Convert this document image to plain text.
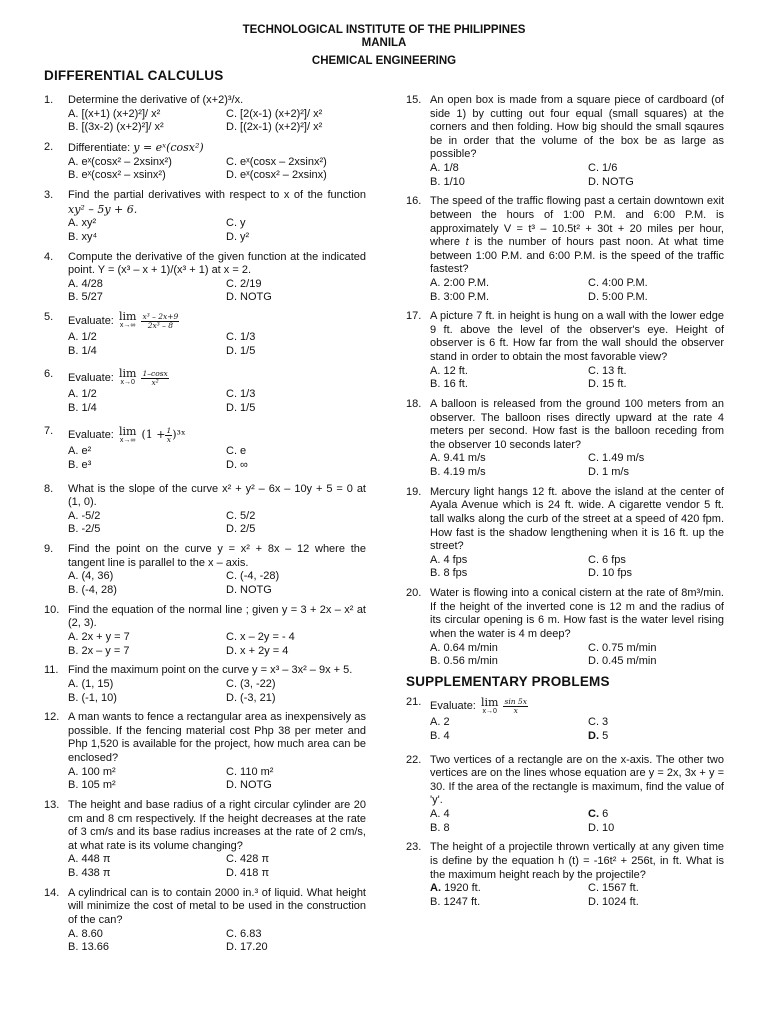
TECHNOLOGICAL INSTITUTE OF THE PHILIPPINES
MANILA
CHEMICAL ENGINEERING
DIFFERENTIAL CALCULUS
1. Determine the derivative of (x+2)³/x.
A. [(x+1) (x+2)²]/ x²	C. [2(x-1) (x+2)²]/ x²
B. [(3x-2) (x+2)²]/ x²	D. [(2x-1) (x+2)²]/ x²
2. Differentiate: y = eˣ(cosx²)
A. eˣ(cosx² – 2xsinx²)	C. eˣ(cosx – 2xsinx²)
B. eˣ(cosx² – xsinx²)	D. eˣ(cosx² – 2xsinx)
3. Find the partial derivatives with respect to x of the function xy² – 5y + 6.
A. xy²	C. y
B. xy⁴	D. y²
4. Compute the derivative of the given function at the indicated point. Y = (x³ – x + 1)/(x³ + 1) at x = 2.
A. 4/28	C. 2/19
B. 5/27	D. NOTG
5. Evaluate: lim
x→∞
$\frac{\text{x³ – 2x+9}}{\text{2x³ – 8}}$
A. 1/2	C. 1/3
B. 1/4	D. 1/5
6. Evaluate: lim
x→0
$\frac{1-\cos x}{\text{x²}}$
A. 1/2	C. 1/3
B. 1/4	D. 1/5
7. Evaluate: lim
x→∞ ($1 + \frac{1}{x}$ )³ˣ
A. e²	C. e
B. e³	D. ∞
8. What is the slope of the curve x² + y² – 6x – 10y + 5 = 0 at (1, 0).
A. -5/2	C. 5/2
B. -2/5	D. 2/5
9. Find the point on the curve y = x² + 8x – 12 where the tangent line is parallel to the x – axis.
A. (4, 36)	C. (-4, -28)
B. (-4, 28)	D. NOTG
10. Find the equation of the normal line ; given y = 3 + 2x – x² at (2, 3).
A. 2x + y = 7	C. x – 2y = - 4
B. 2x – y = 7	D. x + 2y = 4
11. Find the maximum point on the curve y = x³ – 3x² – 9x + 5.
A. (1, 15)	C. (3, -22)
B. (-1, 10)	D. (-3, 21)
12. A man wants to fence a rectangular area as inexpensively as possible. If the fencing material cost Php 38 per meter and Php 1,520 is available for the project, how much area can be enclosed?
A. 100 m²	C. 110 m²
B. 105 m²	D. NOTG
13. The height and base radius of a right circular cylinder are 20 cm and 8 cm respectively. If the height decreases at the rate of 3 cm/s and its base radius increases at the rate of 2 cm/s, at what rate is its volume changing?
A. 448 π	C. 428 π
B. 438 π	D. 418 π
14. A cylindrical can is to contain 2000 in.³ of liquid. What height will minimize the cost of metal to be used in the construction of the can?
A. 8.60	C. 6.83
B. 13.66	D. 17.20
15. An open box is made from a square piece of cardboard (of side 1) by cutting out four equal (small squares) at the corners and then folding. How big should the small sqaures be in order that the volume of the box be as large as possible?
A. 1/8	C. 1/6
B. 1/10	D. NOTG
16. The speed of the traffic flowing past a certain downtown exit between the hours of 1:00 P.M. and 6:00 P.M. is approximately V = t³ – 10.5t² + 30t + 20 miles per hour, where t is the number of hours past noon. At what time between 1:00 P.M. and 6:00 P.M. is the speed of the traffic fastest?
A. 2:00 P.M.	C. 4:00 P.M.
B. 3:00 P.M.	D. 5:00 P.M.
17. A picture 7 ft. in height is hung on a wall with the lower edge 9 ft. above the level of the observer's eye. Height of observer is 6 ft. How far from the wall should the observer stand in order to obtain the most favorable view?
A. 12 ft.	C. 13 ft.
B. 16 ft.	D. 15 ft.
18. A balloon is released from the ground 100 meters from an observer. The balloon rises directly upward at the rate 4 meters per second. How fast is the balloon receding from the observer 10 seconds later?
A. 9.41 m/s	C. 1.49 m/s
B. 4.19 m/s	D. 1 m/s
19. Mercury light hangs 12 ft. above the island at the center of Ayala Avenue which is 24 ft. wide. A cigarette vendor 5 ft. tall walks along the curb of the street at a speed of 420 fpm. How fast is the shadow lengthening when it is 16 ft. up the street?
A. 4 fps	C. 6 fps
B. 8 fps	D. 10 fps
20. Water is flowing into a conical cistern at the rate of 8m³/min. If the height of the inverted cone is 12 m and the radius of its circular opening is 6 m. How fast is the water level rising when the water is 4 m deep?
A. 0.64 m/min	C. 0.75 m/min
B. 0.56 m/min	D. 0.45 m/min
SUPPLEMENTARY PROBLEMS
21. Evaluate: lim
x→0
$\frac{\sin 5x}{x}$
A. 2	C. 3
B. 4	D. 5
22. Two vertices of a rectangle are on the x-axis. The other two vertices are on the lines whose equation are y = 2x, 3x + y = 30. If the area of the rectangle is maximum, find the value of 'y'.
A. 4	C. 6
B. 8	D. 10
23. The height of a projectile thrown vertically at any given time is define by the equation h (t) = -16t² + 256t, in ft. What is the maximum height reach by the projectile?
A. 1920 ft.	C. 1567 ft.
B. 1247 ft.	D. 1024 ft.
